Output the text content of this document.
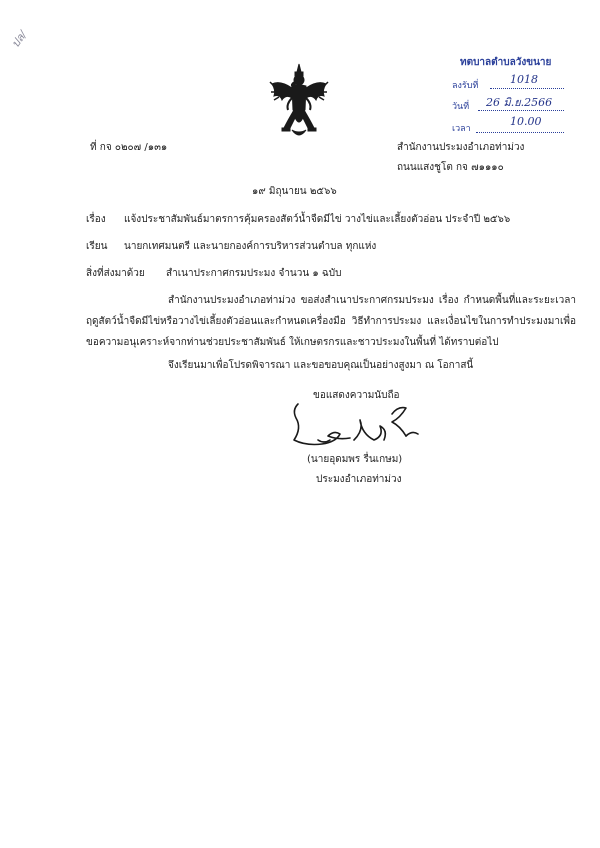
ปล/
ทตบาลตำบลวังขนาย
ลงรับที่	1018
วันที่ 26 มิ.ย.2566
เวลา
10.00
ที่ กจ ๐๒๐๗ /๑๓๑	สำนักงานประมงอำเภอท่าม่วง
ถนนแสงชูโต กจ ๗๑๑๑๐
๑๙ มิถุนายน ๒๕๖๖
เรื่อง แจ้งประชาสัมพันธ์มาตรการคุ้มครองสัตว์น้ำจืดมีไข่ วางไข่และเลี้ยงตัวอ่อน ประจำปี ๒๕๖๖
เรียน นายกเทศมนตรี และนายกองค์การบริหารส่วนตำบล ทุกแห่ง
สิ่งที่ส่งมาด้วย สำเนาประกาศกรมประมง จำนวน ๑ ฉบับ
สำนักงานประมงอำเภอท่าม่วง ขอส่งสำเนาประกาศกรมประมง เรื่อง กำหนดพื้นที่และระยะเวลาฤดูสัตว์น้ำจืดมีไข่หรือวางไข่เลี้ยงตัวอ่อนและกำหนดเครื่องมือ วิธีทำการประมง และเงื่อนไขในการทำประมงมาเพื่อขอความอนุเคราะห์จากท่านช่วยประชาสัมพันธ์ ให้เกษตรกรและชาวประมงในพื้นที่ ได้ทราบต่อไป
จึงเรียนมาเพื่อโปรดพิจารณา และขอขอบคุณเป็นอย่างสูงมา ณ โอกาสนี้
ขอแสดงความนับถือ
(นายอุดมพร รื่นเกษม)
ประมงอำเภอท่าม่วง
